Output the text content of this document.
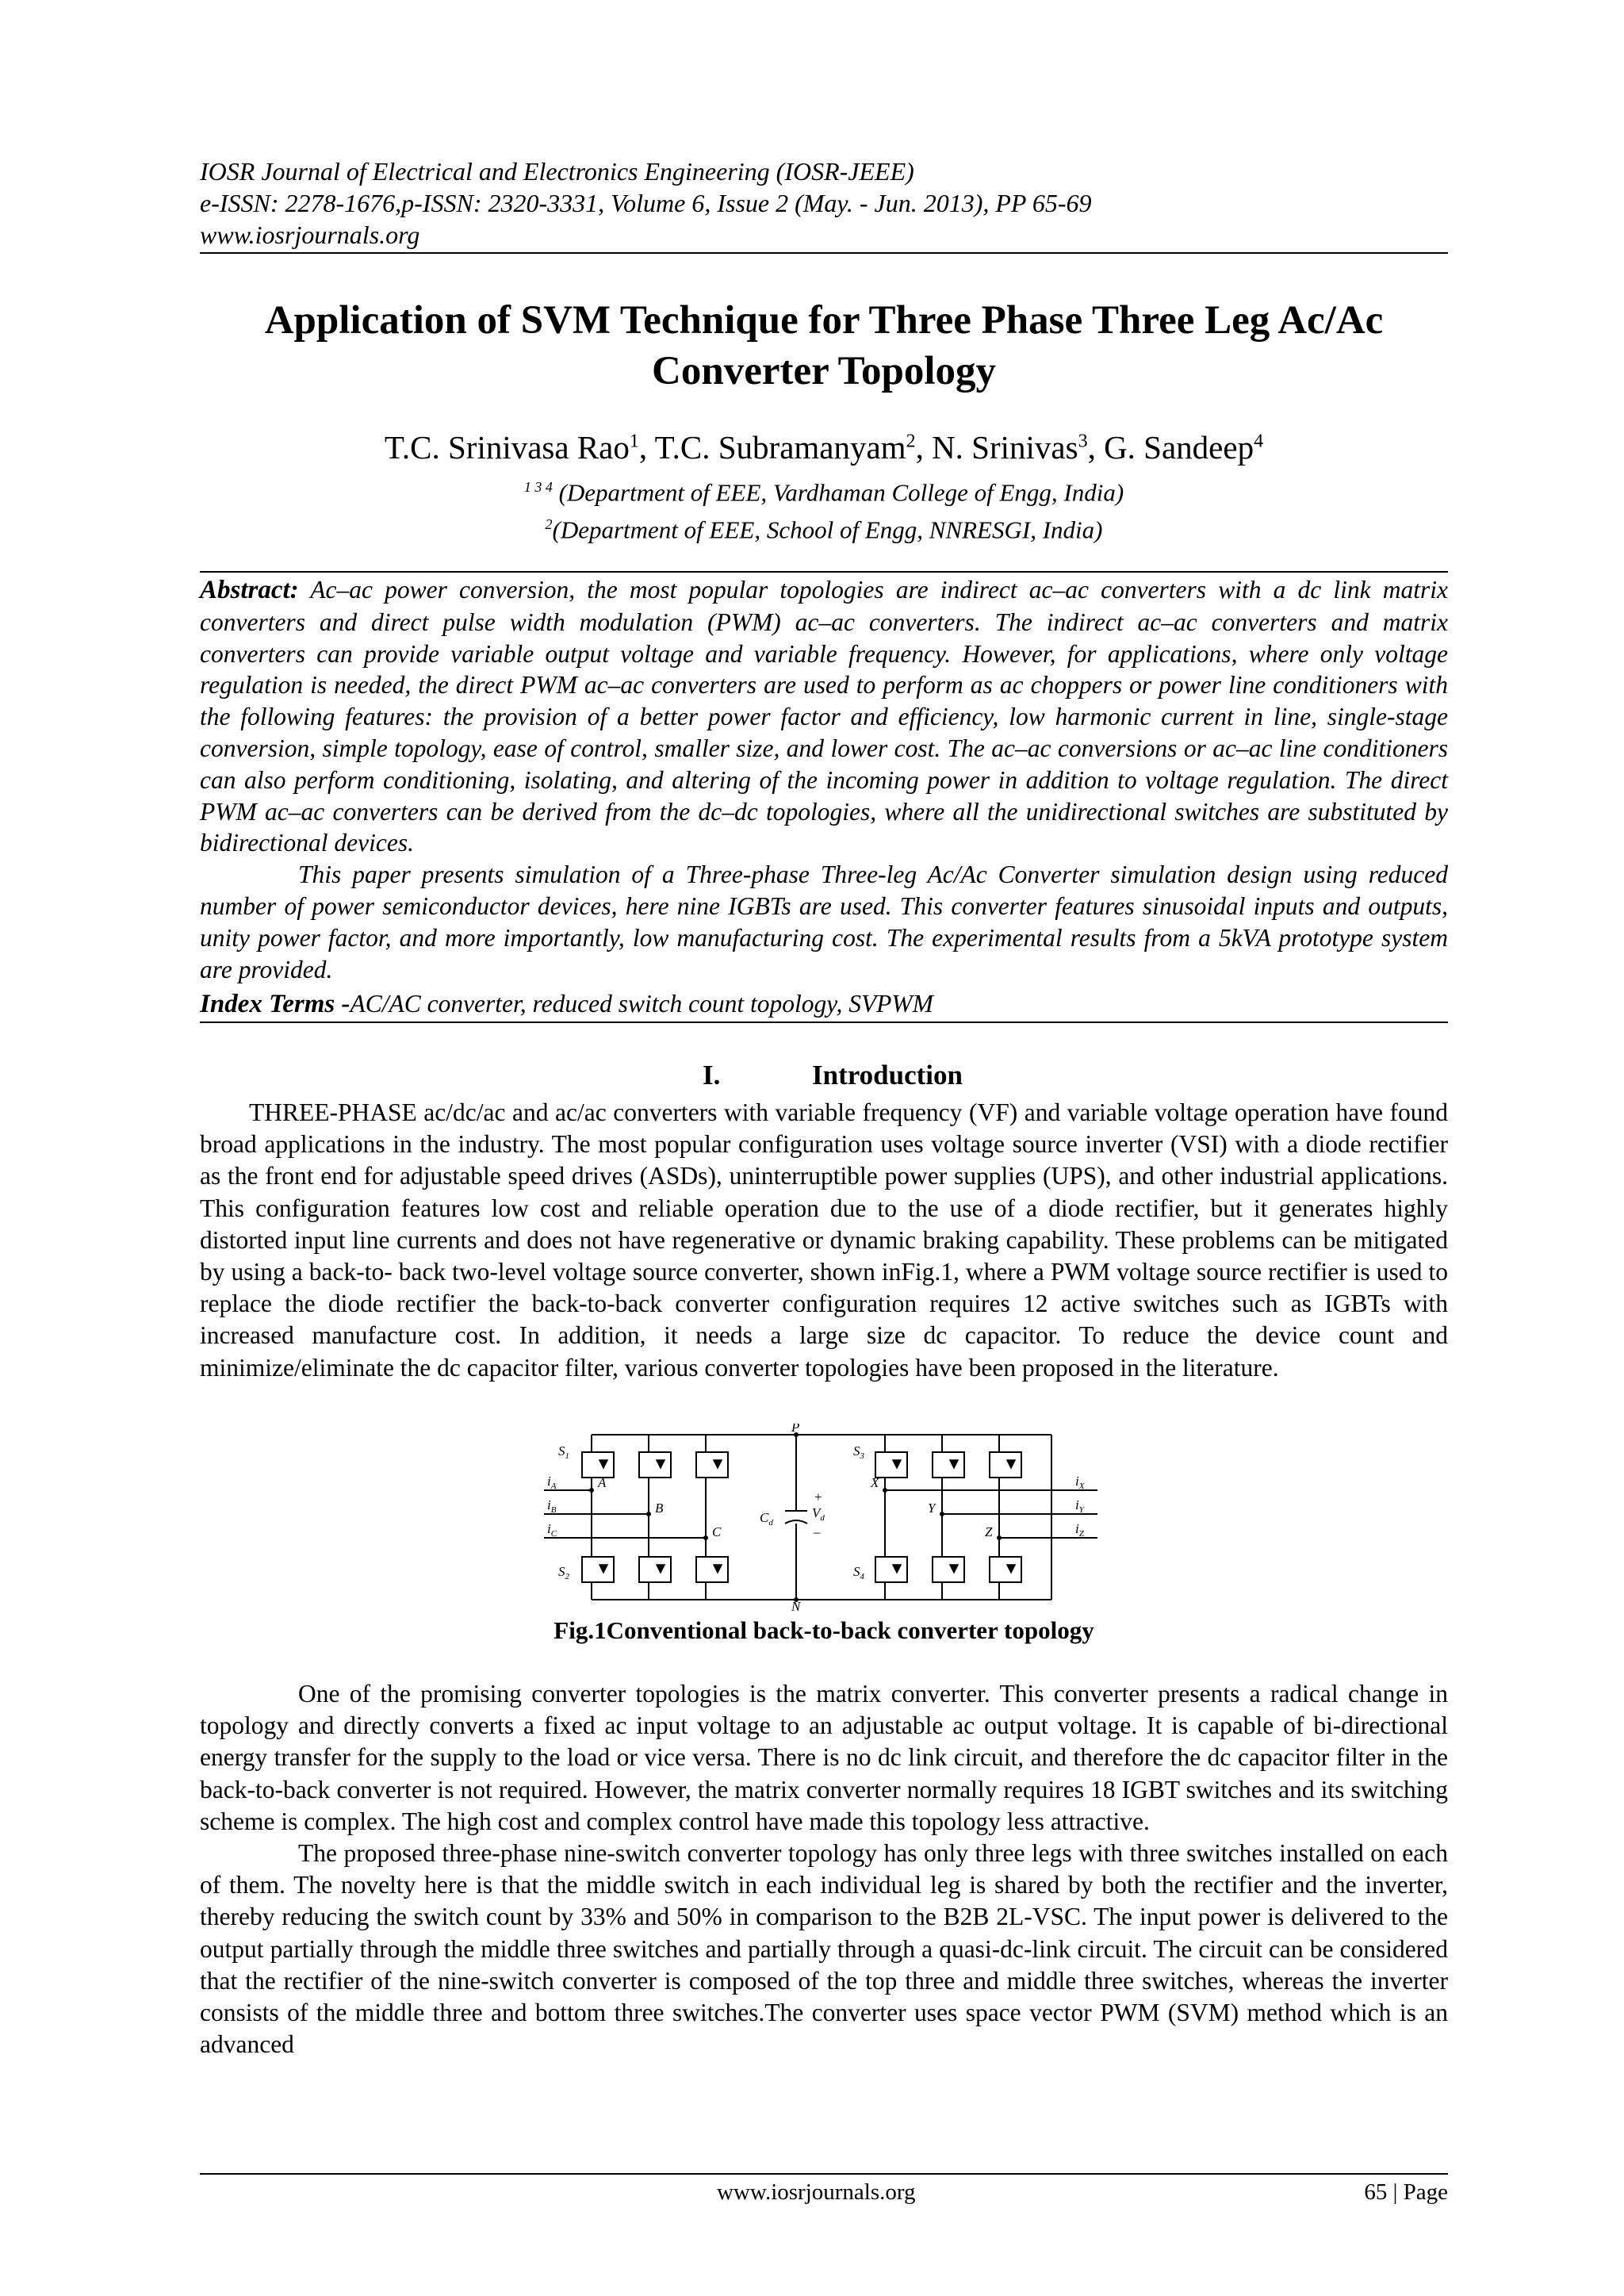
IOSR Journal of Electrical and Electronics Engineering (IOSR-JEEE)
e-ISSN: 2278-1676,p-ISSN: 2320-3331, Volume 6, Issue 2 (May. - Jun. 2013), PP 65-69
www.iosrjournals.org
Application of SVM Technique for Three Phase Three Leg Ac/Ac
Converter Topology
T.C. Srinivasa Rao$^1$, T.C. Subramanyam$^2$, N. Srinivas$^3$, G. Sandeep$^4$
$^{1 3 4}$ (Department of EEE, Vardhaman College of Engg, India)
$^2$(Department of EEE, School of Engg, NNRESGI, India)

Abstract: Ac–ac power conversion, the most popular topologies are indirect ac–ac converters with a dc link matrix converters and direct pulse width modulation (PWM) ac–ac converters. The indirect ac–ac converters and matrix converters can provide variable output voltage and variable frequency. However, for applications, where only voltage regulation is needed, the direct PWM ac–ac converters are used to perform as ac choppers or power line conditioners with the following features: the provision of a better power factor and efficiency, low harmonic current in line, single-stage conversion, simple topology, ease of control, smaller size, and lower cost. The ac–ac conversions or ac–ac line conditioners can also perform conditioning, isolating, and altering of the incoming power in addition to voltage regulation. The direct PWM ac–ac converters can be derived from the dc–dc topologies, where all the unidirectional switches are substituted by bidirectional devices.

This paper presents simulation of a Three-phase Three-leg Ac/Ac Converter simulation design using reduced number of power semiconductor devices, here nine IGBTs are used. This converter features sinusoidal inputs and outputs, unity power factor, and more importantly, low manufacturing cost. The experimental results from a 5kVA prototype system are provided.

Index Terms -AC/AC converter, reduced switch count topology, SVPWM
I.	Introduction

THREE-PHASE ac/dc/ac and ac/ac converters with variable frequency (VF) and variable voltage operation have found broad applications in the industry. The most popular configuration uses voltage source inverter (VSI) with a diode rectifier as the front end for adjustable speed drives (ASDs), uninterruptible power supplies (UPS), and other industrial applications. This configuration features low cost and reliable operation due to the use of a diode rectifier, but it generates highly distorted input line currents and does not have regenerative or dynamic braking capability. These problems can be mitigated by using a back-to- back two-level voltage source converter, shown inFig.1, where a PWM voltage source rectifier is used to replace the diode rectifier the back-to-back converter configuration requires 12 active switches such as IGBTs with increased manufacture cost. In addition, it needs a large size dc capacitor. To reduce the device count and minimize/eliminate the dc capacitor filter, various converter topologies have been proposed in the literature.

P
N
$S_1$
$S_2$
$S_3$
$S_4$
A
B
C
X
Y
Z
$i_A$
$i_B$
$i_C$
$i_X$
$i_Y$
$i_Z$
$C_d$
$V_d$
+
–
Fig.1Conventional back-to-back converter topology

One of the promising converter topologies is the matrix converter. This converter presents a radical change in topology and directly converts a fixed ac input voltage to an adjustable ac output voltage. It is capable of bi-directional energy transfer for the supply to the load or vice versa. There is no dc link circuit, and therefore the dc capacitor filter in the back-to-back converter is not required. However, the matrix converter normally requires 18 IGBT switches and its switching scheme is complex. The high cost and complex control have made this topology less attractive.

The proposed three-phase nine-switch converter topology has only three legs with three switches installed on each of them. The novelty here is that the middle switch in each individual leg is shared by both the rectifier and the inverter, thereby reducing the switch count by 33% and 50% in comparison to the B2B 2L-VSC. The input power is delivered to the output partially through the middle three switches and partially through a quasi-dc-link circuit. The circuit can be considered that the rectifier of the nine-switch converter is composed of the top three and middle three switches, whereas the inverter consists of the middle three and bottom three switches.The converter uses space vector PWM (SVM) method which is an advanced

www.iosrjournals.org	65 | Page
